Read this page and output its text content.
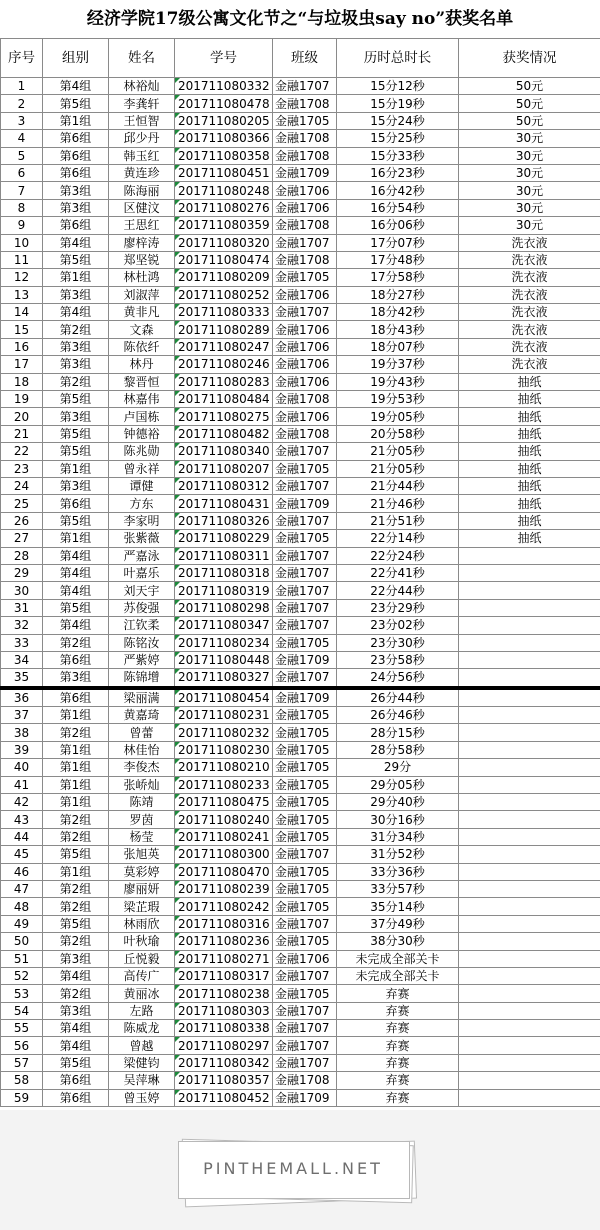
经济学院17级公寓文化节之“与垃圾虫say no”获奖名单
序号	组别	姓名	学号	班级	历时总时长	获奖情况
1	第4组	林裕灿	201711080332	金融1707	15分12秒	50元
2	第5组	李龚轩	201711080478	金融1708	15分19秒	50元
3	第1组	王恒智	201711080205	金融1705	15分24秒	50元
4	第6组	邱少丹	201711080366	金融1708	15分25秒	30元
5	第6组	韩玉红	201711080358	金融1708	15分33秒	30元
6	第6组	黄连珍	201711080451	金融1709	16分23秒	30元
7	第3组	陈海丽	201711080248	金融1706	16分42秒	30元
8	第3组	区健汶	201711080276	金融1706	16分54秒	30元
9	第6组	王思红	201711080359	金融1708	16分06秒	30元
10	第4组	廖梓涛	201711080320	金融1707	17分07秒	洗衣液
11	第5组	郑坚锐	201711080474	金融1708	17分48秒	洗衣液
12	第1组	林杜鸿	201711080209	金融1705	17分58秒	洗衣液
13	第3组	刘淑萍	201711080252	金融1706	18分27秒	洗衣液
14	第4组	黄非凡	201711080333	金融1707	18分42秒	洗衣液
15	第2组	文森	201711080289	金融1706	18分43秒	洗衣液
16	第3组	陈依纤	201711080247	金融1706	18分07秒	洗衣液
17	第3组	林丹	201711080246	金融1706	19分37秒	洗衣液
18	第2组	黎晋恒	201711080283	金融1706	19分43秒	抽纸
19	第5组	林嘉伟	201711080484	金融1708	19分53秒	抽纸
20	第3组	卢国栋	201711080275	金融1706	19分05秒	抽纸
21	第5组	钟德裕	201711080482	金融1708	20分58秒	抽纸
22	第5组	陈兆勋	201711080340	金融1707	21分05秒	抽纸
23	第1组	曾永祥	201711080207	金融1705	21分05秒	抽纸
24	第3组	谭健	201711080312	金融1707	21分44秒	抽纸
25	第6组	方东	201711080431	金融1709	21分46秒	抽纸
26	第5组	李家明	201711080326	金融1707	21分51秒	抽纸
27	第1组	张紫薇	201711080229	金融1705	22分14秒	抽纸
28	第4组	严嘉泳	201711080311	金融1707	22分24秒	
29	第4组	叶嘉乐	201711080318	金融1707	22分41秒	
30	第4组	刘天宇	201711080319	金融1707	22分44秒	
31	第5组	苏俊强	201711080298	金融1707	23分29秒	
32	第4组	江钦柔	201711080347	金融1707	23分02秒	
33	第2组	陈铭汝	201711080234	金融1705	23分30秒	
34	第6组	严紫婷	201711080448	金融1709	23分58秒	
35	第3组	陈锦增	201711080327	金融1707	24分56秒	
36	第6组	梁丽满	201711080454	金融1709	26分44秒	
37	第1组	黄嘉琦	201711080231	金融1705	26分46秒	
38	第2组	曾蕾	201711080232	金融1705	28分15秒	
39	第1组	林佳怡	201711080230	金融1705	28分58秒	
40	第1组	李俊杰	201711080210	金融1705	29分	
41	第1组	张峤灿	201711080233	金融1705	29分05秒	
42	第1组	陈靖	201711080475	金融1705	29分40秒	
43	第2组	罗茵	201711080240	金融1705	30分16秒	
44	第2组	杨莹	201711080241	金融1705	31分34秒	
45	第5组	张旭英	201711080300	金融1707	31分52秒	
46	第1组	莫彩婷	201711080470	金融1705	33分36秒	
47	第2组	廖丽妍	201711080239	金融1705	33分57秒	
48	第2组	梁芷瑕	201711080242	金融1705	35分14秒	
49	第5组	林雨欣	201711080316	金融1707	37分49秒	
50	第2组	叶秋瑜	201711080236	金融1705	38分30秒	
51	第3组	丘悦毅	201711080271	金融1706	未完成全部关卡	
52	第4组	高传广	201711080317	金融1707	未完成全部关卡	
53	第2组	黄丽冰	201711080238	金融1705	弃赛	
54	第3组	左路	201711080303	金融1707	弃赛	
55	第4组	陈威龙	201711080338	金融1707	弃赛	
56	第4组	曾越	201711080297	金融1707	弃赛	
57	第5组	梁健钧	201711080342	金融1707	弃赛	
58	第6组	吴萍琳	201711080357	金融1708	弃赛	
59	第6组	曾玉婷	201711080452	金融1709	弃赛	
PINTHEMALL.NET
